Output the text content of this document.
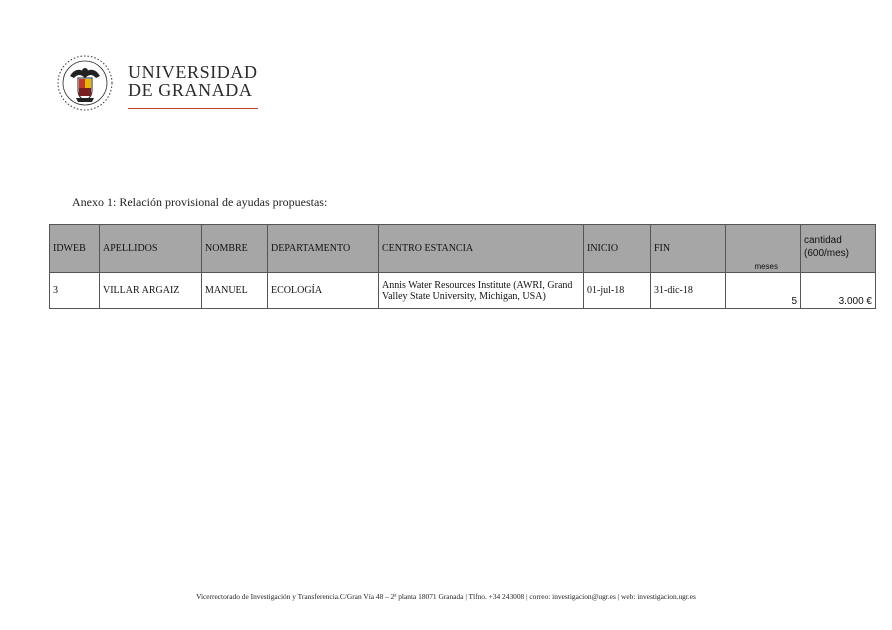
UNIVERSIDAD
DE GRANADA
Anexo 1: Relación provisional de ayudas propuestas:
IDWEB	APELLIDOS	NOMBRE	DEPARTAMENTO	CENTRO ESTANCIA	INICIO	FIN	meses	cantidad
(600/mes)

3	VILLAR ARGAIZ	MANUEL	ECOLOGÍA	Annis Water Resources Institute (AWRI, Grand Valley State University, Michigan, USA)	01-jul-18	31-dic-18	5	3.000 €
Vicerrectorado de Investigación y Transferencia.C/Gran Vía 48 – 2ª planta 18071 Granada | Tlfno. +34 243008 | correo: investigacion@ugr.es | web: investigacion.ugr.es
